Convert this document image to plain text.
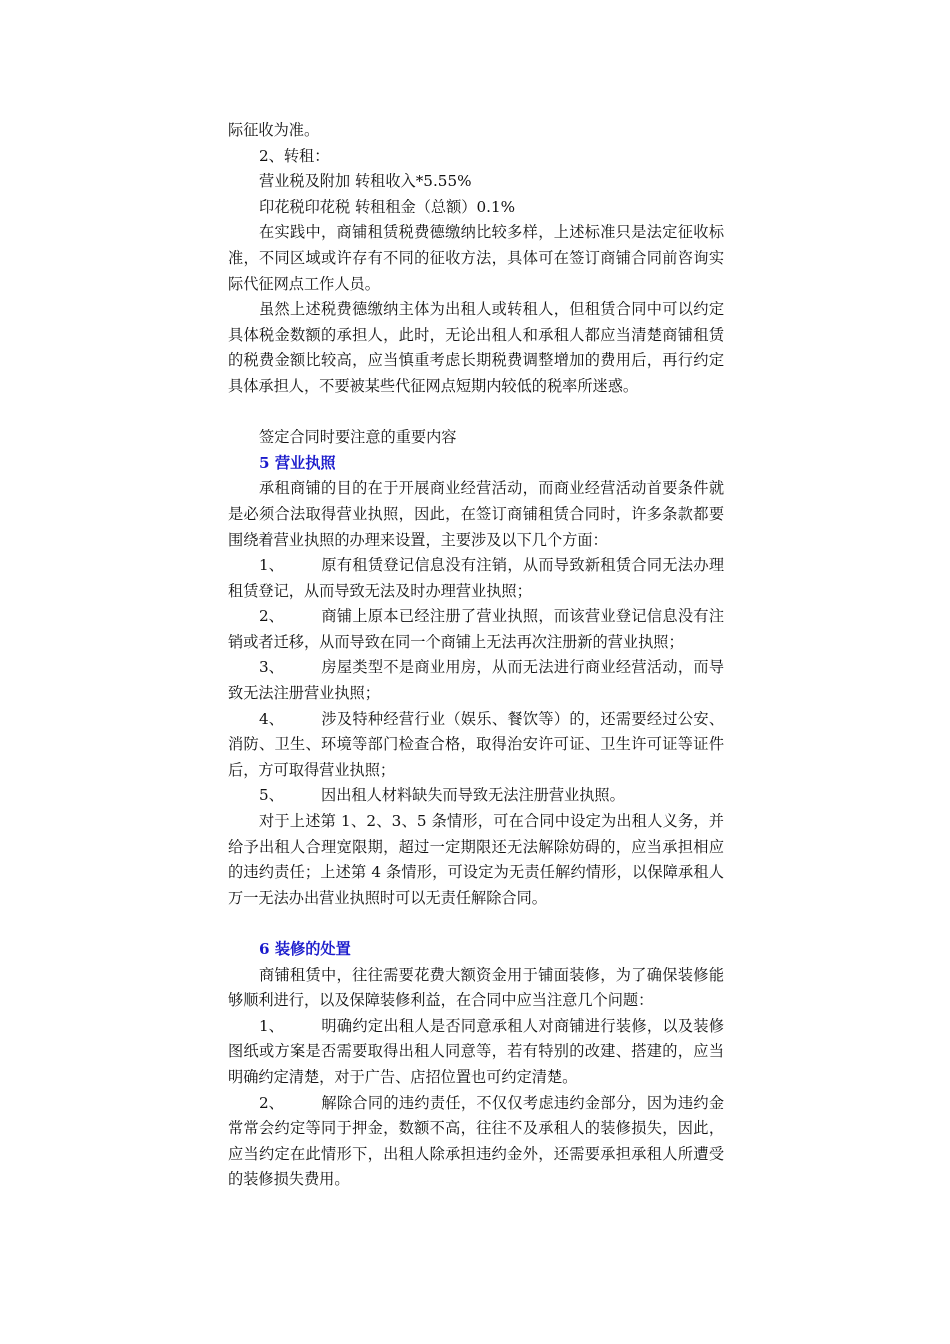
际征收为准。

2、转租：

营业税及附加 转租收入*5.55%

印花税印花税 转租租金（总额）0.1%

在实践中，商铺租赁税费德缴纳比较多样，上述标准只是法定征收标准，不同区域或许存有不同的征收方法，具体可在签订商铺合同前咨询实际代征网点工作人员。

虽然上述税费德缴纳主体为出租人或转租人，但租赁合同中可以约定具体税金数额的承担人，此时，无论出租人和承租人都应当清楚商铺租赁的税费金额比较高，应当慎重考虑长期税费调整增加的费用后，再行约定具体承担人，不要被某些代征网点短期内较低的税率所迷惑。

签定合同时要注意的重要内容

5 营业执照

承租商铺的目的在于开展商业经营活动，而商业经营活动首要条件就是必须合法取得营业执照，因此，在签订商铺租赁合同时，许多条款都要围绕着营业执照的办理来设置，主要涉及以下几个方面：

1、 原有租赁登记信息没有注销，从而导致新租赁合同无法办理租赁登记，从而导致无法及时办理营业执照；

2、 商铺上原本已经注册了营业执照，而该营业登记信息没有注销或者迁移，从而导致在同一个商铺上无法再次注册新的营业执照；

3、 房屋类型不是商业用房，从而无法进行商业经营活动，而导致无法注册营业执照；

4、 涉及特种经营行业（娱乐、餐饮等）的，还需要经过公安、消防、卫生、环境等部门检查合格，取得治安许可证、卫生许可证等证件后，方可取得营业执照；

5、 因出租人材料缺失而导致无法注册营业执照。

对于上述第 1、2、3、5 条情形，可在合同中设定为出租人义务，并给予出租人合理宽限期，超过一定期限还无法解除妨碍的，应当承担相应的违约责任；上述第 4 条情形，可设定为无责任解约情形，以保障承租人万一无法办出营业执照时可以无责任解除合同。

6 装修的处置

商铺租赁中，往往需要花费大额资金用于铺面装修，为了确保装修能够顺利进行，以及保障装修利益，在合同中应当注意几个问题：

1、 明确约定出租人是否同意承租人对商铺进行装修，以及装修图纸或方案是否需要取得出租人同意等，若有特别的改建、搭建的，应当明确约定清楚，对于广告、店招位置也可约定清楚。

2、 解除合同的违约责任，不仅仅考虑违约金部分，因为违约金常常会约定等同于押金，数额不高，往往不及承租人的装修损失，因此，应当约定在此情形下，出租人除承担违约金外，还需要承担承租人所遭受的装修损失费用。
